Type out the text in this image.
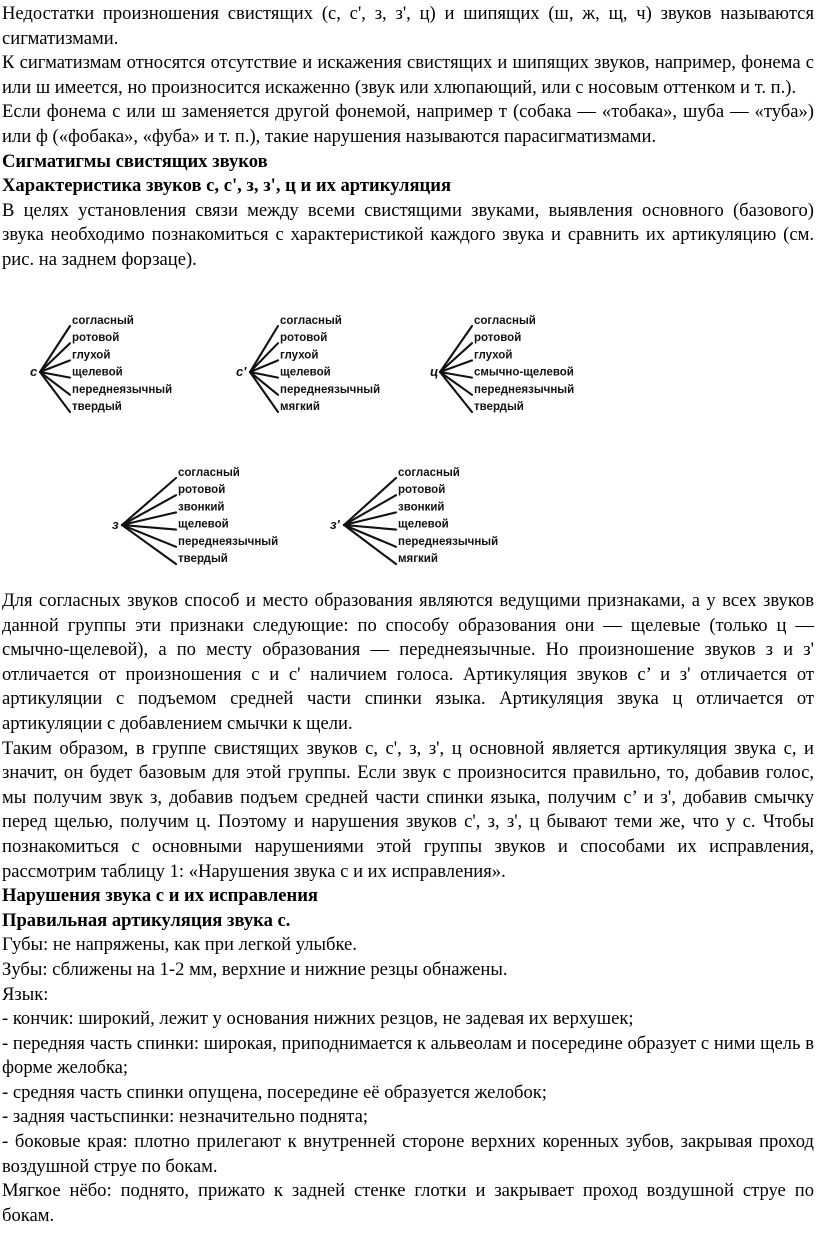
Недостатки произношения свистящих (с, с', з, з', ц) и шипящих (ш, ж, щ, ч) звуков называются сигматизмами.

К сигматизмам относятся отсутствие и искажения свистящих и шипящих звуков, например, фонема с или ш имеется, но произносится искаженно (звук или хлюпающий, или с носовым оттенком и т. п.).

Если фонема с или ш заменяется другой фонемой, например т (собака — «тобака», шуба — «туба») или ф («фобака», «фуба» и т. п.), такие нарушения называются парасигматизмами.

Сигматигмы свистящих звуков

Характеристика звуков с, с', з, з', ц и их артикуляция

В целях установления связи между всеми свистящими звуками, выявления основного (базового) звука необходимо познакомиться с характеристикой каждого звука и сравнить их артикуляцию (см. рис. на заднем форзаце).

с
согласный
ротовой
глухой
щелевой
переднеязычный
твердый
с'
согласный
ротовой
глухой
щелевой
переднеязычный
мягкий
ц
согласный
ротовой
глухой
смычно-щелевой
переднеязычный
твердый
з
согласный
ротовой
звонкий
щелевой
переднеязычный
твердый
з'
согласный
ротовой
звонкий
щелевой
переднеязычный
мягкий

Для согласных звуков способ и место образования являются ведущими признаками, а у всех звуков данной группы эти признаки следующие: по способу образования они — щелевые (только ц — смычно-щелевой), а по месту образования — переднеязычные. Но произношение звуков з и з' отличается от произношения с и с' наличием голоса. Артикуляция звуков с’ и з' отличается от артикуляции с подъемом средней части спинки языка. Артикуляция звука ц отличается от артикуляции с добавлением смычки к щели.

Таким образом, в группе свистящих звуков с, с', з, з', ц основной является артикуляция звука с, и значит, он будет базовым для этой группы. Если звук с произносится правильно, то, добавив голос, мы получим звук з, добавив подъем средней части спинки языка, получим с’ и з', добавив смычку перед щелью, получим ц. Поэтому и нарушения звуков с', з, з', ц бывают теми же, что у с. Чтобы познакомиться с основными нарушениями этой группы звуков и способами их исправления, рассмотрим таблицу 1: «Нарушения звука с и их исправления».

Нарушения звука с и их исправления

Правильная артикуляция звука с.

Губы: не напряжены, как при легкой улыбке.

Зубы: сближены на 1-2 мм, верхние и нижние резцы обнажены.

Язык:

- кончик: широкий, лежит у основания нижних резцов, не задевая их верхушек;

- передняя часть спинки: широкая, приподнимается к альвеолам и посередине образует с ними щель в форме желобка;

- средняя часть спинки опущена, посередине её образуется желобок;

- задняя частьспинки: незначительно поднята;

- боковые края: плотно прилегают к внутренней стороне верхних коренных зубов, закрывая проход воздушной струе по бокам.

Мягкое нёбо: поднято, прижато к задней стенке глотки и закрывает проход воздушной струе по бокам.
